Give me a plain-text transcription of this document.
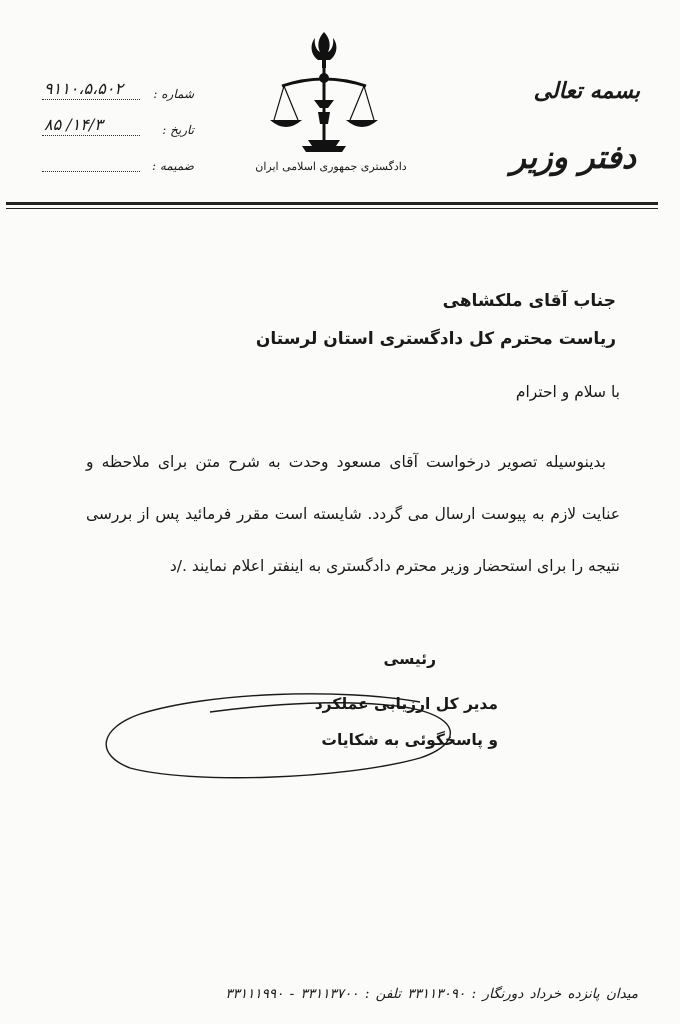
بسمه تعالی
دفتر وزیر
دادگستری جمهوری اسلامی ایران
شماره :
۹۱۱۰،۵،۵۰۲
تاریخ :
۱۴/۳/ ۸۵
ضمیمه :
جناب آقای ملکشاهی
ریاست محترم کل دادگستری استان لرستان
با سلام و احترام

بدینوسیله تصویر درخواست آقای مسعود وحدت به شرح متن برای ملاحظه و عنایت لازم به پیوست ارسال می گردد. شایسته است مقرر فرمائید پس از بررسی نتیجه را برای استحضار وزیر محترم دادگستری به اینفتر اعلام نمایند ./د

رئیسی
مدیر کل ارزیابی عملکرد
و پاسخگوئی به شکایات
میدان پانزده خرداد دورنگار : ۳۳۱۱۳۰۹۰ تلفن : ۳۳۱۱۳۷۰۰ - ۳۳۱۱۱۹۹۰
